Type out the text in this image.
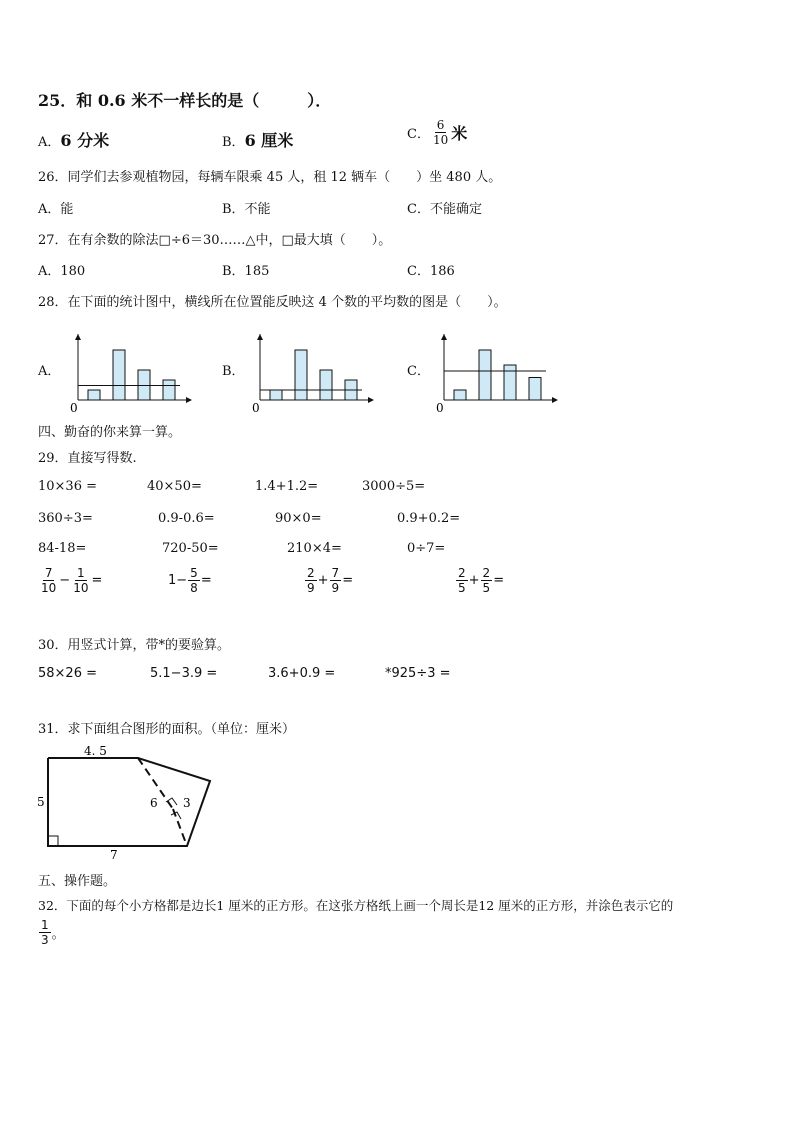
25．和 0.6 米不一样长的是（　　　）．
A．6 分米	B．6 厘米	C． $\frac{6}{10}$ 米
26．同学们去参观植物园，每辆车限乘 45 人，租 12 辆车（　　）坐 480 人。
A．能	B．不能	C．不能确定
27．在有余数的除法□÷6＝30……△中，□最大填（　　）。
A．180	B．185	C．186
28．在下面的统计图中，横线所在位置能反映这 4 个数的平均数的图是（　　）。
A．	B．	C．
0	0	0
四、勤奋的你来算一算。
29．直接写得数.
10×36 =	40×50=	1.4+1.2=	3000÷5=
360÷3=	0.9-0.6=	90×0=	0.9+0.2=
84-18=	720-50=	210×4=	0÷7=
$\frac{7}{10} - \frac{1}{10}$ =	$1- \frac{5}{8}$ =	$\frac{2}{9} + \frac{7}{9}$ =	$\frac{2}{5} + \frac{2}{5}$ =
30．用竖式计算，带*的要验算。
58×26 =	5.1−3.9 =	3.6+0.9 =	*925÷3 =
31．求下面组合图形的面积。（单位：厘米）
4. 5
5
7
6 3
五、操作题。
32．下面的每个小方格都是边长1 厘米的正方形。在这张方格纸上画一个周长是12 厘米的正方形，并涂色表示它的
$\frac{1}{3}$ 。
